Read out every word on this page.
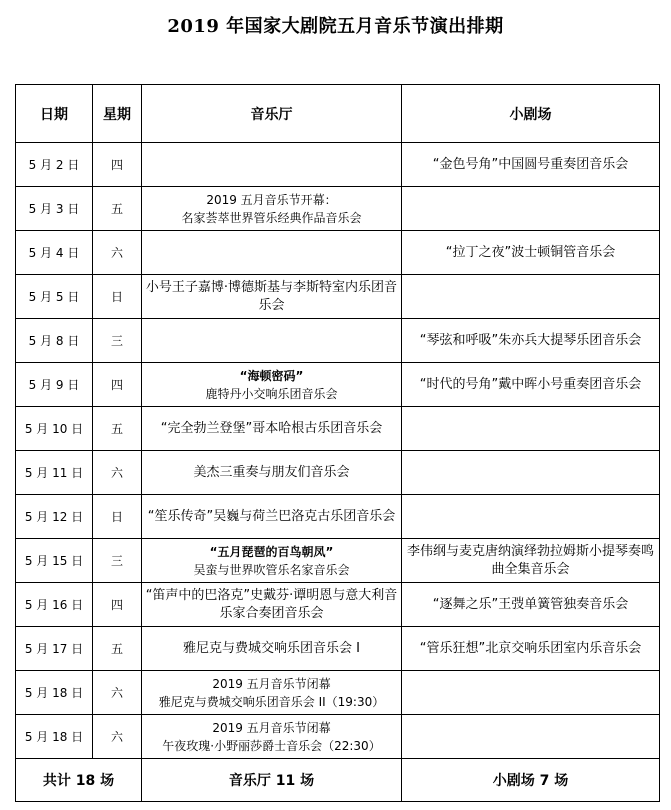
2019 年国家大剧院五月音乐节演出排期
日期	星期	音乐厅	小剧场
5 月 2 日	四		“金色号角”中国圆号重奏团音乐会
5 月 3 日	五	2019 五月音乐节开幕：
名家荟萃世界管乐经典作品音乐会	

5 月 4 日	六		“拉丁之夜”波士顿铜管音乐会
5 月 5 日	日	小号王子嘉博·博德斯基与李斯特室内乐团音乐会	

5 月 8 日	三		“琴弦和呼吸”朱亦兵大提琴乐团音乐会
5 月 9 日	四	“海顿密码”
鹿特丹小交响乐团音乐会	“时代的号角”戴中晖小号重奏团音乐会
5 月 10 日	五	“完全勃兰登堡”哥本哈根古乐团音乐会	

5 月 11 日	六	美杰三重奏与朋友们音乐会	

5 月 12 日	日	“笙乐传奇”吴巍与荷兰巴洛克古乐团音乐会	

5 月 15 日	三	“五月琵琶的百鸟朝凤”
吴蛮与世界吹管乐名家音乐会	李伟纲与麦克唐纳演绎勃拉姆斯小提琴奏鸣曲全集音乐会
5 月 16 日	四	“笛声中的巴洛克”史戴芬·谭明恩与意大利音乐家合奏团音乐会	“逐舞之乐”王弢单簧管独奏音乐会
5 月 17 日	五	雅尼克与费城交响乐团音乐会 I	“管乐狂想”北京交响乐团室内乐音乐会
5 月 18 日	六	2019 五月音乐节闭幕
雅尼克与费城交响乐团音乐会 II（19:30）	

5 月 18 日	六	2019 五月音乐节闭幕
午夜玫瑰·小野丽莎爵士音乐会（22:30）	

共计 18 场		音乐厅 11 场	小剧场 7 场
